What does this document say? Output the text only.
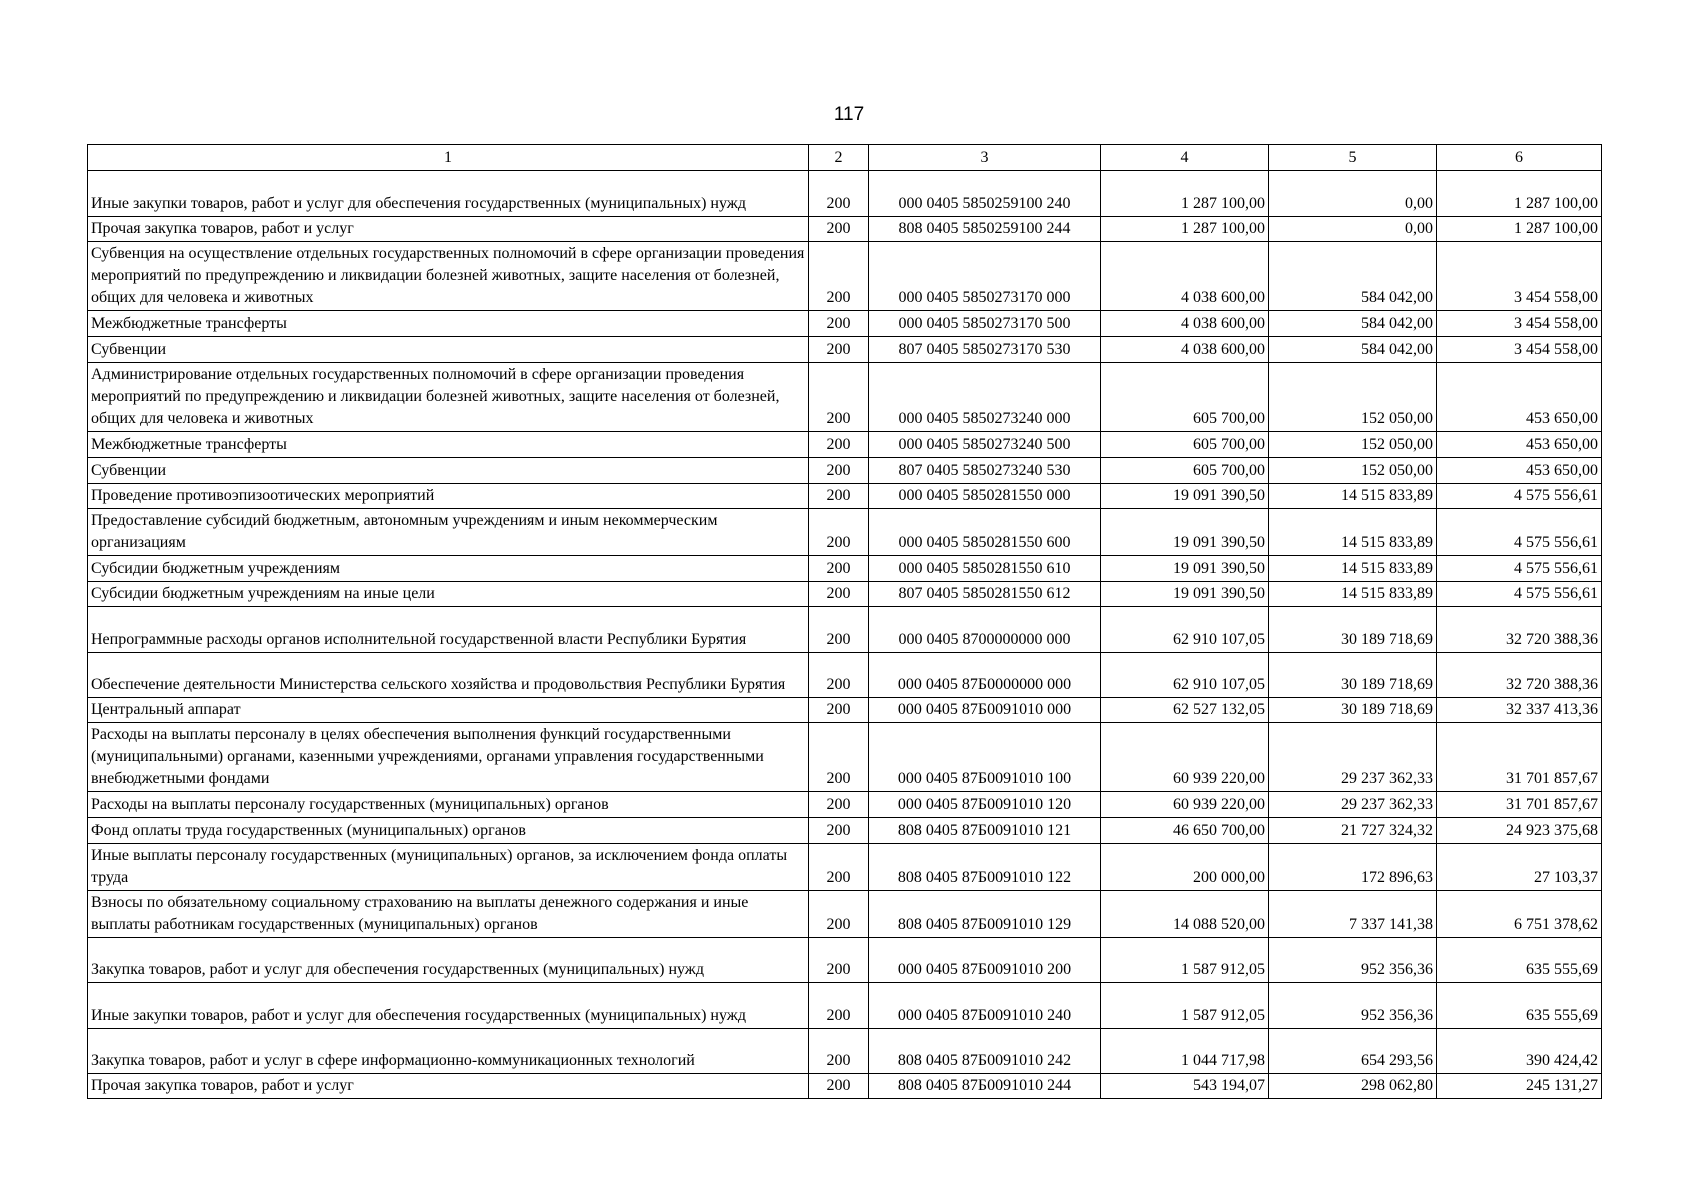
117
1	2	3	4	5	6
Иные закупки товаров, работ и услуг для обеспечения государственных (муниципальных) нужд	200	000 0405 5850259100 240	1 287 100,00	0,00	1 287 100,00
Прочая закупка товаров, работ и услуг	200	808 0405 5850259100 244	1 287 100,00	0,00	1 287 100,00
Субвенция на осуществление отдельных государственных полномочий в сфере организации проведения мероприятий по предупреждению и ликвидации болезней животных, защите населения от болезней, общих для человека и животных	200	000 0405 5850273170 000	4 038 600,00	584 042,00	3 454 558,00
Межбюджетные трансферты	200	000 0405 5850273170 500	4 038 600,00	584 042,00	3 454 558,00
Субвенции	200	807 0405 5850273170 530	4 038 600,00	584 042,00	3 454 558,00
Администрирование отдельных государственных полномочий в сфере организации проведения мероприятий по предупреждению и ликвидации болезней животных, защите населения от болезней, общих для человека и животных	200	000 0405 5850273240 000	605 700,00	152 050,00	453 650,00
Межбюджетные трансферты	200	000 0405 5850273240 500	605 700,00	152 050,00	453 650,00
Субвенции	200	807 0405 5850273240 530	605 700,00	152 050,00	453 650,00
Проведение противоэпизоотических мероприятий	200	000 0405 5850281550 000	19 091 390,50	14 515 833,89	4 575 556,61
Предоставление субсидий бюджетным, автономным учреждениям и иным некоммерческим организациям	200	000 0405 5850281550 600	19 091 390,50	14 515 833,89	4 575 556,61
Субсидии бюджетным учреждениям	200	000 0405 5850281550 610	19 091 390,50	14 515 833,89	4 575 556,61
Субсидии бюджетным учреждениям на иные цели	200	807 0405 5850281550 612	19 091 390,50	14 515 833,89	4 575 556,61
Непрограммные расходы органов исполнительной государственной власти Республики Бурятия	200	000 0405 8700000000 000	62 910 107,05	30 189 718,69	32 720 388,36
Обеспечение деятельности Министерства сельского хозяйства и продовольствия Республики Бурятия	200	000 0405 87Б0000000 000	62 910 107,05	30 189 718,69	32 720 388,36
Центральный аппарат	200	000 0405 87Б0091010 000	62 527 132,05	30 189 718,69	32 337 413,36
Расходы на выплаты персоналу в целях обеспечения выполнения функций государственными (муниципальными) органами, казенными учреждениями, органами управления государственными внебюджетными фондами	200	000 0405 87Б0091010 100	60 939 220,00	29 237 362,33	31 701 857,67
Расходы на выплаты персоналу государственных (муниципальных) органов	200	000 0405 87Б0091010 120	60 939 220,00	29 237 362,33	31 701 857,67
Фонд оплаты труда государственных (муниципальных) органов	200	808 0405 87Б0091010 121	46 650 700,00	21 727 324,32	24 923 375,68
Иные выплаты персоналу государственных (муниципальных) органов, за исключением фонда оплаты труда	200	808 0405 87Б0091010 122	200 000,00	172 896,63	27 103,37
Взносы по обязательному социальному страхованию на выплаты денежного содержания и иные выплаты работникам государственных (муниципальных) органов	200	808 0405 87Б0091010 129	14 088 520,00	7 337 141,38	6 751 378,62
Закупка товаров, работ и услуг для обеспечения государственных (муниципальных) нужд	200	000 0405 87Б0091010 200	1 587 912,05	952 356,36	635 555,69
Иные закупки товаров, работ и услуг для обеспечения государственных (муниципальных) нужд	200	000 0405 87Б0091010 240	1 587 912,05	952 356,36	635 555,69
Закупка товаров, работ и услуг в сфере информационно-коммуникационных технологий	200	808 0405 87Б0091010 242	1 044 717,98	654 293,56	390 424,42
Прочая закупка товаров, работ и услуг	200	808 0405 87Б0091010 244	543 194,07	298 062,80	245 131,27
